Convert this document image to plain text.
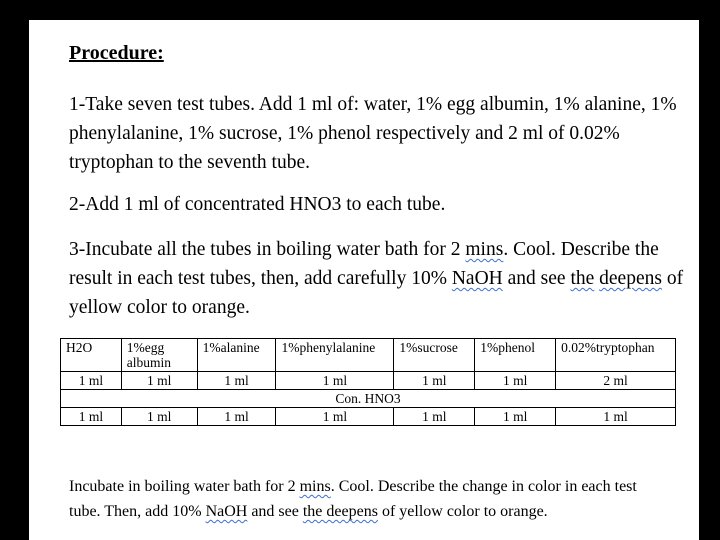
Procedure:

1-Take seven test tubes. Add 1 ml of: water, 1% egg albumin, 1% alanine, 1% phenylalanine, 1% sucrose, 1% phenol respectively and 2 ml of 0.02% tryptophan to the seventh tube.

2-Add 1 ml of concentrated HNO3 to each tube.

3-Incubate all the tubes in boiling water bath for 2 mins. Cool. Describe the result in each test tubes, then, add carefully 10% NaOH and see the deepens of yellow color to orange.

H2O	1%egg albumin	1%alanine	1%phenylalanine	1%sucrose	1%phenol	0.02%tryptophan
1 ml	1 ml	1 ml	1 ml	1 ml	1 ml	2 ml
Con. HNO3						
1 ml	1 ml	1 ml	1 ml	1 ml	1 ml	1 ml

Incubate in boiling water bath for 2 mins. Cool. Describe the change in color in each test tube. Then, add 10% NaOH and see the deepens of yellow color to orange.
